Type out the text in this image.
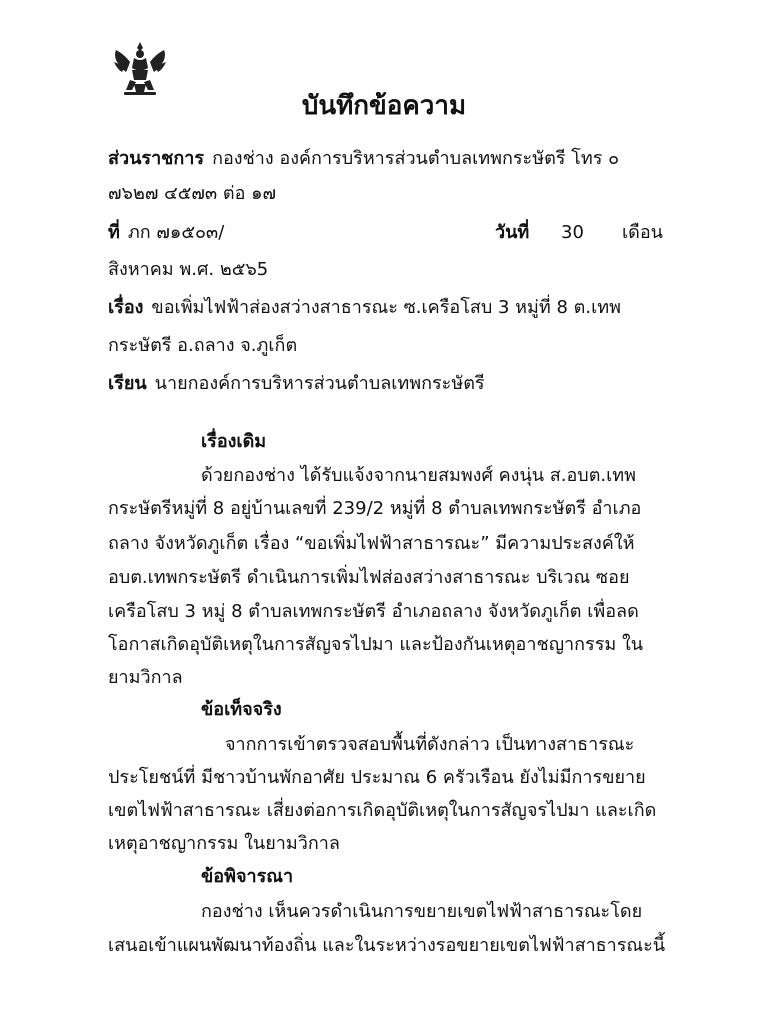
บันทึกข้อความ
ส่วนราชการ กองช่าง องค์การบริหารส่วนตำบลเทพกระษัตรี โทร ๐
๗๖๒๗ ๔๕๗๓ ต่อ ๑๗
ที่ ภก ๗๑๕๐๓/	วันที่ 30 เดือน
สิงหาคม พ.ศ. ๒๕๖5
เรื่อง ขอเพิ่มไฟฟ้าส่องสว่างสาธารณะ ซ.เครือโสบ 3 หมู่ที่ 8 ต.เทพ
กระษัตรี อ.ถลาง จ.ภูเก็ต
เรียน นายกองค์การบริหารส่วนตำบลเทพกระษัตรี
เรื่องเดิม
ด้วยกองช่าง ได้รับแจ้งจากนายสมพงศ์ คงนุ่น ส.อบต.เทพ
กระษัตรีหมู่ที่ 8 อยู่บ้านเลขที่ 239/2 หมู่ที่ 8 ตำบลเทพกระษัตรี อำเภอ
ถลาง จังหวัดภูเก็ต เรื่อง “ขอเพิ่มไฟฟ้าสาธารณะ” มีความประสงค์ให้
อบต.เทพกระษัตรี ดำเนินการเพิ่มไฟส่องสว่างสาธารณะ บริเวณ ซอย
เครือโสบ 3 หมู่ 8 ตำบลเทพกระษัตรี อำเภอถลาง จังหวัดภูเก็ต เพื่อลด
โอกาสเกิดอุบัติเหตุในการสัญจรไปมา และป้องกันเหตุอาชญากรรม ใน
ยามวิกาล
ข้อเท็จจริง
จากการเข้าตรวจสอบพื้นที่ดังกล่าว เป็นทางสาธารณะ
ประโยชน์ที่ มีชาวบ้านพักอาศัย ประมาณ 6 ครัวเรือน ยังไม่มีการขยาย
เขตไฟฟ้าสาธารณะ เสี่ยงต่อการเกิดอุบัติเหตุในการสัญจรไปมา และเกิด
เหตุอาชญากรรม ในยามวิกาล
ข้อพิจารณา
กองช่าง เห็นควรดำเนินการขยายเขตไฟฟ้าสาธารณะโดย
เสนอเข้าแผนพัฒนาท้องถิ่น และในระหว่างรอขยายเขตไฟฟ้าสาธารณะนี้
